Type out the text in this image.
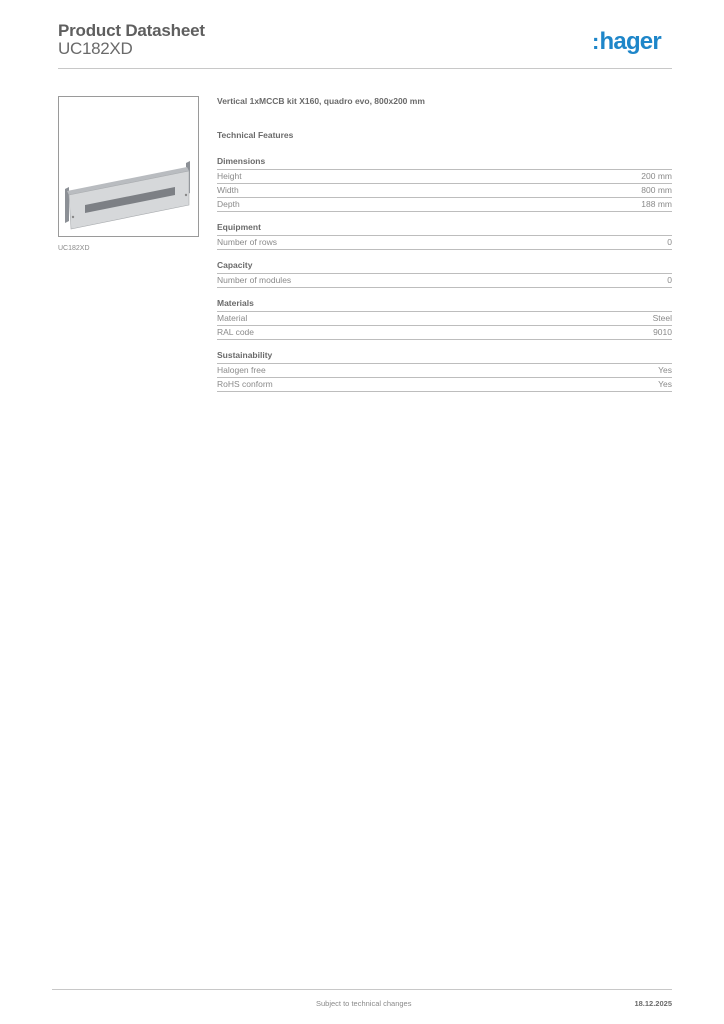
Product Datasheet
UC182XD	:hager
UC182XD
Vertical 1xMCCB kit X160, quadro evo, 800x200 mm
Technical Features
Dimensions
Height	200 mm
Width	800 mm
Depth	188 mm
Equipment
Number of rows	0
Capacity
Number of modules	0
Materials
Material	Steel
RAL code	9010
Sustainability
Halogen free	Yes
RoHS conform	Yes
Subject to technical changes	18.12.2025
